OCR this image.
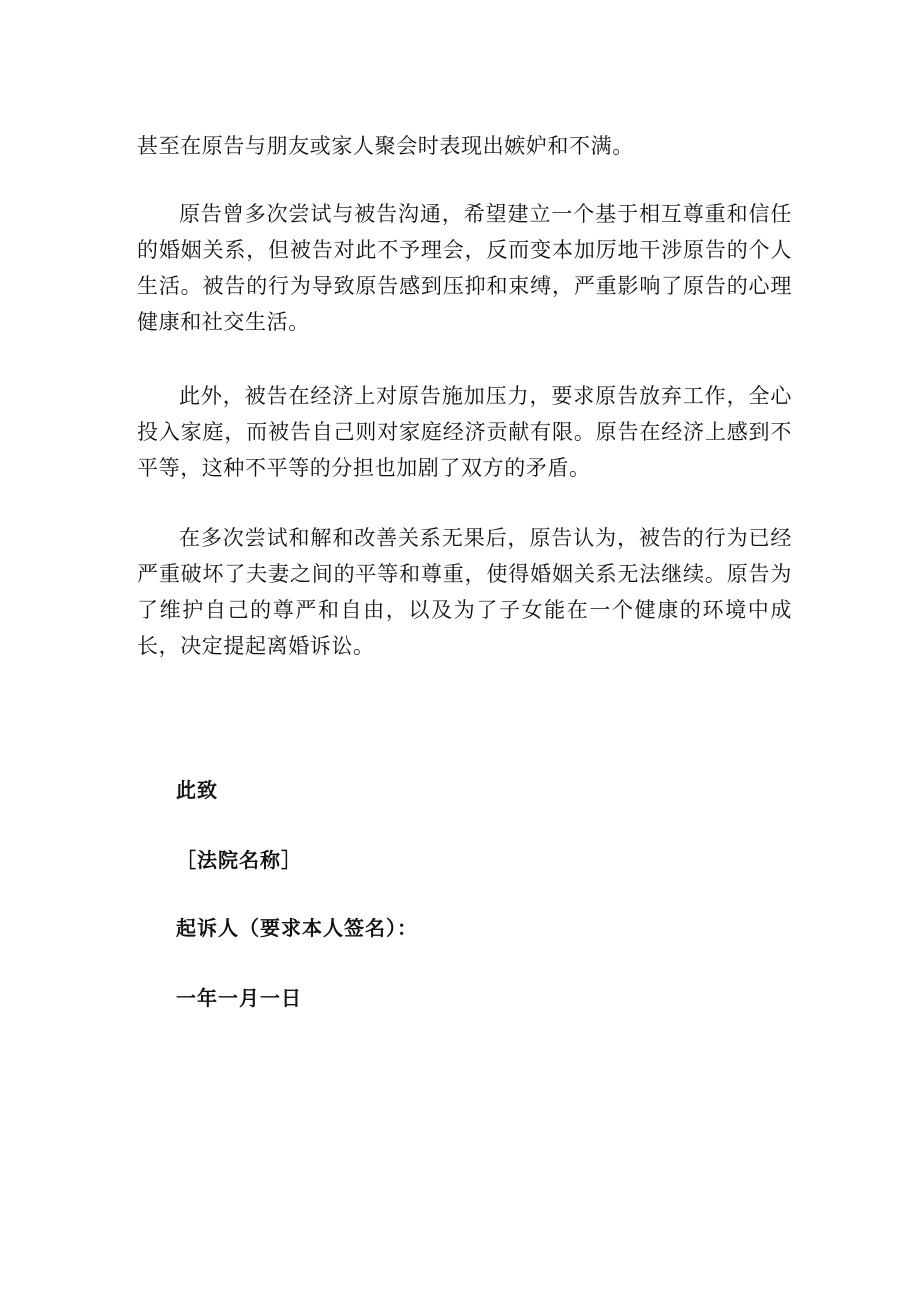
甚至在原告与朋友或家人聚会时表现出嫉妒和不满。

原告曾多次尝试与被告沟通，希望建立一个基于相互尊重和信任的婚姻关系，但被告对此不予理会，反而变本加厉地干涉原告的个人生活。被告的行为导致原告感到压抑和束缚，严重影响了原告的心理健康和社交生活。

此外，被告在经济上对原告施加压力，要求原告放弃工作，全心投入家庭，而被告自己则对家庭经济贡献有限。原告在经济上感到不平等，这种不平等的分担也加剧了双方的矛盾。

在多次尝试和解和改善关系无果后，原告认为，被告的行为已经严重破坏了夫妻之间的平等和尊重，使得婚姻关系无法继续。原告为了维护自己的尊严和自由，以及为了子女能在一个健康的环境中成长，决定提起离婚诉讼。

此致

［法院名称］

起诉人（要求本人签名）：

一年一月一日
